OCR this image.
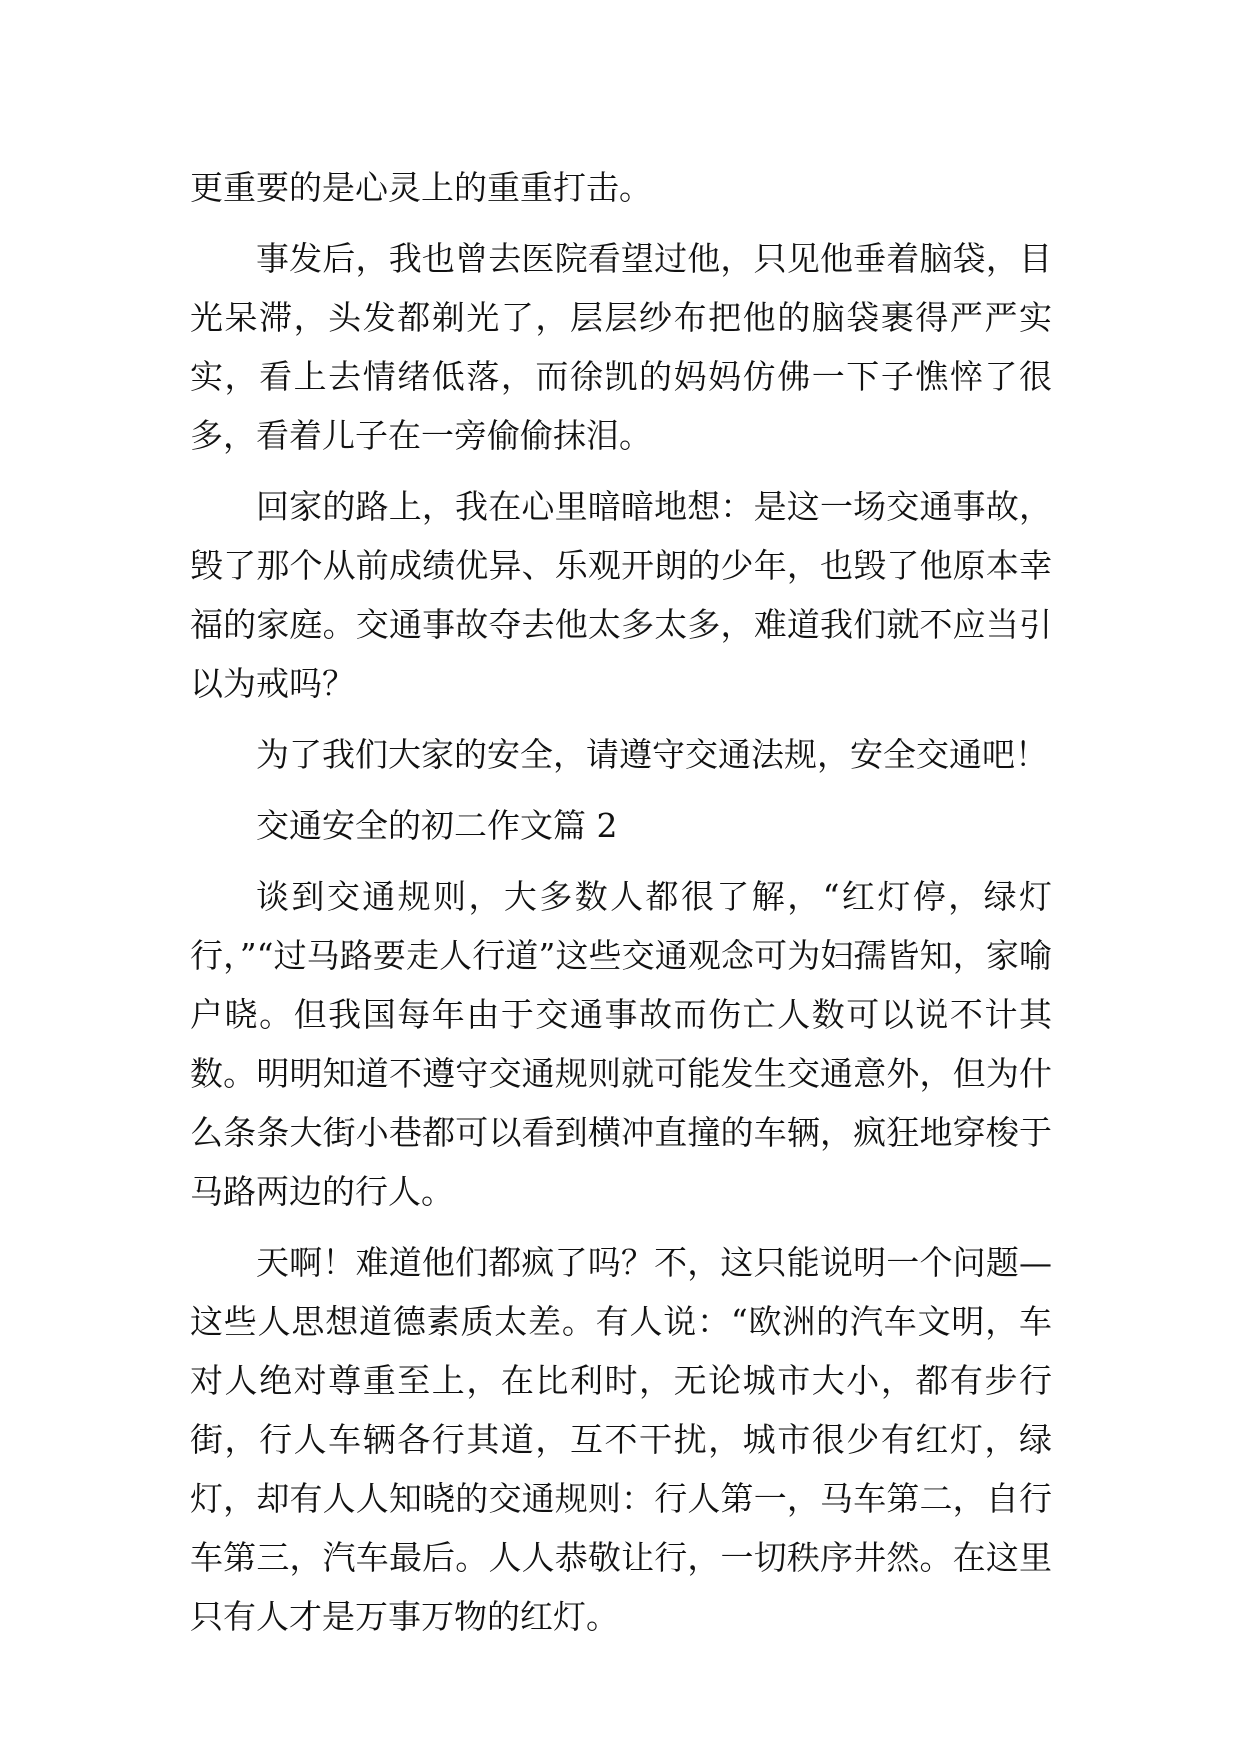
更重要的是心灵上的重重打击。

事发后，我也曾去医院看望过他，只见他垂着脑袋，目光呆滞，头发都剃光了，层层纱布把他的脑袋裹得严严实实，看上去情绪低落，而徐凯的妈妈仿佛一下子憔悴了很多，看着儿子在一旁偷偷抹泪。

回家的路上，我在心里暗暗地想：是这一场交通事故，毁了那个从前成绩优异、乐观开朗的少年，也毁了他原本幸福的家庭。交通事故夺去他太多太多，难道我们就不应当引以为戒吗？

为了我们大家的安全，请遵守交通法规，安全交通吧！

交通安全的初二作文篇 2

谈到交通规则，大多数人都很了解，“红灯停，绿灯行，”“过马路要走人行道”这些交通观念可为妇孺皆知，家喻户晓。但我国每年由于交通事故而伤亡人数可以说不计其数。明明知道不遵守交通规则就可能发生交通意外，但为什么条条大街小巷都可以看到横冲直撞的车辆，疯狂地穿梭于马路两边的行人。

天啊！难道他们都疯了吗？不，这只能说明一个问题—这些人思想道德素质太差。有人说：“欧洲的汽车文明，车对人绝对尊重至上，在比利时，无论城市大小，都有步行街，行人车辆各行其道，互不干扰，城市很少有红灯，绿灯，却有人人知晓的交通规则：行人第一，马车第二，自行车第三，汽车最后。人人恭敬让行，一切秩序井然。在这里只有人才是万事万物的红灯。
